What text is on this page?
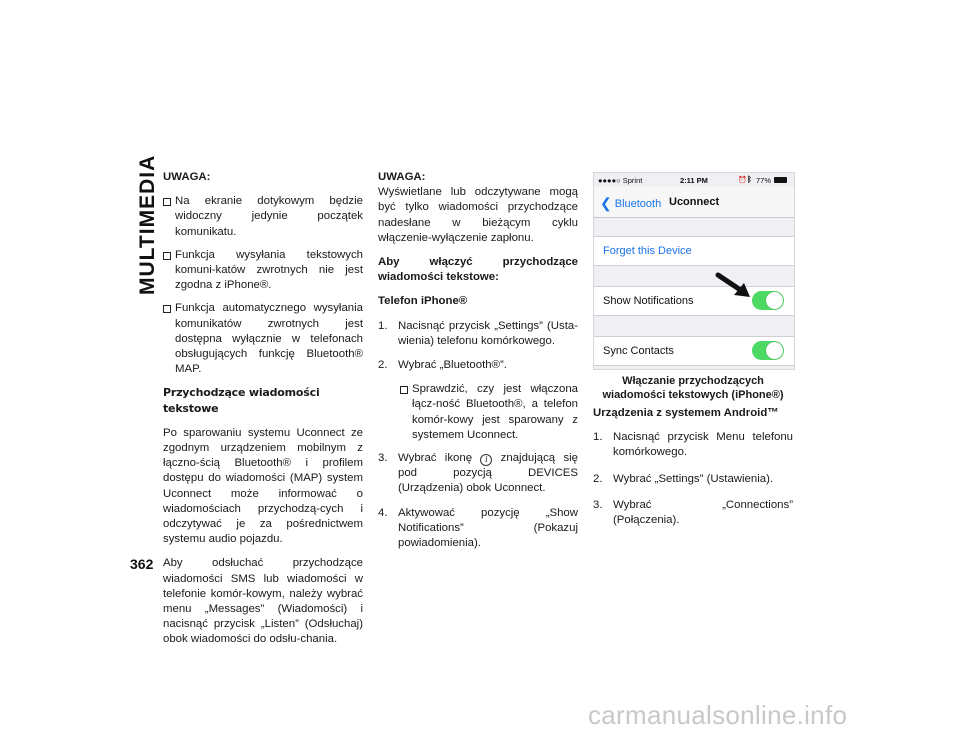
MULTIMEDIA
362

UWAGA:

Na ekranie dotykowym będzie widoczny jedynie początek komunikatu.
Funkcja wysyłania tekstowych komuni-katów zwrotnych nie jest zgodna z iPhone®.
Funkcja automatycznego wysyłania komunikatów zwrotnych jest dostępna wyłącznie w telefonach obsługujących funkcję Bluetooth® MAP.
Przychodzące wiadomości tekstowe

Po sparowaniu systemu Uconnect ze zgodnym urządzeniem mobilnym z łączno-ścią Bluetooth® i profilem dostępu do wiadomości (MAP) system Uconnect może informować o wiadomościach przychodzą-cych i odczytywać je za pośrednictwem systemu audio pojazdu.

Aby odsłuchać przychodzące wiadomości SMS lub wiadomości w telefonie komór-kowym, należy wybrać menu „Messages” (Wiadomości) i nacisnąć przycisk „Listen” (Odsłuchaj) obok wiadomości do odsłu-chania.

UWAGA:

Wyświetlane lub odczytywane mogą być tylko wiadomości przychodzące nadesłane w bieżącym cyklu włączenie-wyłączenie zapłonu.

Aby włączyć przychodzące wiadomości tekstowe:

Telefon iPhone®

1. Nacisnąć przycisk „Settings” (Usta-wienia) telefonu komórkowego.
2. Wybrać „Bluetooth®”.
Sprawdzić, czy jest włączona łącz-ność Bluetooth®, a telefon komór-kowy jest sparowany z systemem Uconnect.
3. Wybrać ikonę i znajdującą się pod pozycją DEVICES (Urządzenia) obok Uconnect.
4. Aktywować pozycję „Show Notifications” (Pokazuj powiadomienia).
●●●●○ Sprint	2:11 PM	⏰ ᛒ 77%
❮ Bluetooth Uconnect
Forget this Device
Show Notifications
Sync Contacts
Włączanie przychodzących wiadomości tekstowych (iPhone®)

Urządzenia z systemem Android™

1. Nacisnąć przycisk Menu telefonu komórkowego.
2. Wybrać „Settings” (Ustawienia).
3. Wybrać „Connections” (Połączenia).
carmanualsonline.info
